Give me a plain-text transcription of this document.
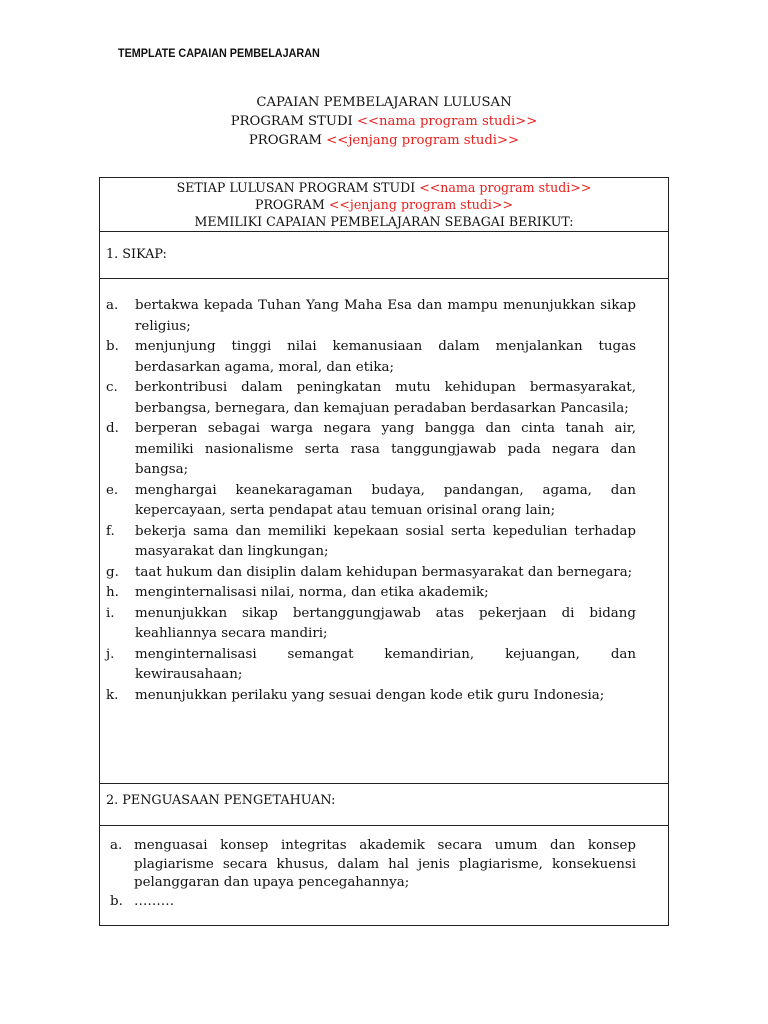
TEMPLATE CAPAIAN PEMBELAJARAN
CAPAIAN PEMBELAJARAN LULUSAN
PROGRAM STUDI <<nama program studi>>
PROGRAM <<jenjang program studi>>
SETIAP LULUSAN PROGRAM STUDI <<nama program studi>>
PROGRAM <<jenjang program studi>>
MEMILIKI CAPAIAN PEMBELAJARAN SEBAGAI BERIKUT:
1. SIKAP:
a.	bertakwa kepada Tuhan Yang Maha Esa dan mampu menunjukkan sikap religius;
b.	menjunjung tinggi nilai kemanusiaan dalam menjalankan tugas berdasarkan agama, moral, dan etika;
c.	berkontribusi dalam peningkatan mutu kehidupan bermasyarakat, berbangsa, bernegara, dan kemajuan peradaban berdasarkan Pancasila;
d.	berperan sebagai warga negara yang bangga dan cinta tanah air, memiliki nasionalisme serta rasa tanggungjawab pada negara dan bangsa;
e.	menghargai keanekaragaman budaya, pandangan, agama, dan kepercayaan, serta pendapat atau temuan orisinal orang lain;
f.	bekerja sama dan memiliki kepekaan sosial serta kepedulian terhadap masyarakat dan lingkungan;
g.	taat hukum dan disiplin dalam kehidupan bermasyarakat dan bernegara;
h.	menginternalisasi nilai, norma, dan etika akademik;
i.	menunjukkan sikap bertanggungjawab atas pekerjaan di bidang keahliannya secara mandiri;
j.	menginternalisasi semangat kemandirian, kejuangan, dan kewirausahaan;
k.	menunjukkan perilaku yang sesuai dengan kode etik guru Indonesia;
2. PENGUASAAN PENGETAHUAN:
a. menguasai konsep integritas akademik secara umum dan konsep plagiarisme secara khusus, dalam hal jenis plagiarisme, konsekuensi pelanggaran dan upaya pencegahannya;
b. ………
